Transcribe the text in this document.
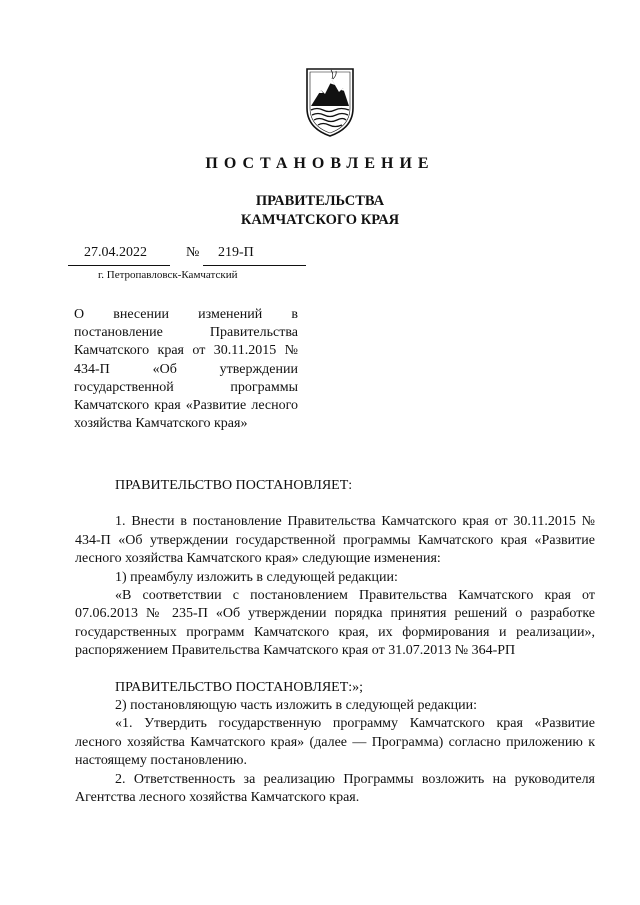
ПОСТАНОВЛЕНИЕ
ПРАВИТЕЛЬСТВА
КАМЧАТСКОГО КРАЯ
27.04.2022	№ 219-П
г. Петропавловск-Камчатский
О внесении изменений в постановление Правительства Камчатского края от 30.11.2015 № 434-П «Об утверждении государственной программы Камчатского края «Развитие лесного хозяйства Камчатского края»

ПРАВИТЕЛЬСТВО ПОСТАНОВЛЯЕТ:

1. Внести в постановление Правительства Камчатского края от 30.11.2015 № 434-П «Об утверждении государственной программы Камчатского края «Развитие лесного хозяйства Камчатского края» следующие изменения:

1) преамбулу изложить в следующей редакции:

«В соответствии с постановлением Правительства Камчатского края от 07.06.2013 № 235-П «Об утверждении порядка принятия решений о разработке государственных программ Камчатского края, их формирования и реализации», распоряжением Правительства Камчатского края от 31.07.2013 № 364-РП

ПРАВИТЕЛЬСТВО ПОСТАНОВЛЯЕТ:»;

2) постановляющую часть изложить в следующей редакции:

«1. Утвердить государственную программу Камчатского края «Развитие лесного хозяйства Камчатского края» (далее — Программа) согласно приложению к настоящему постановлению.

2. Ответственность за реализацию Программы возложить на руководителя Агентства лесного хозяйства Камчатского края.
